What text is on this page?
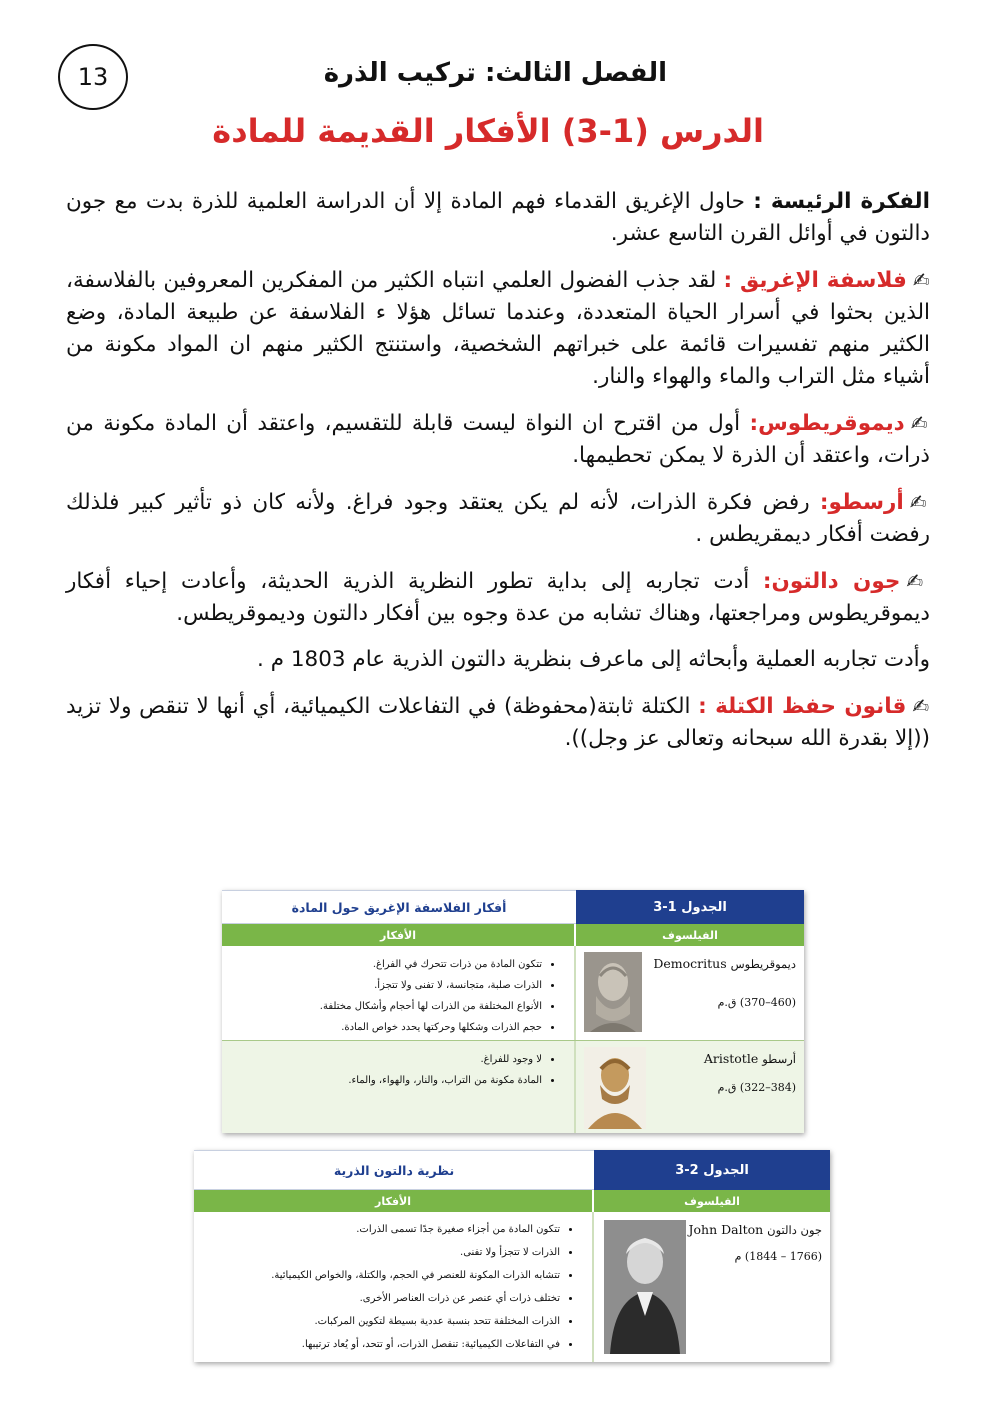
13	الفصل الثالث: تركيب الذرة
الدرس (1-3) الأفكار القديمة للمادة

الفكرة الرئيسة : حاول الإغريق القدماء فهم المادة إلا أن الدراسة العلمية للذرة بدت مع جون دالتون في أوائل القرن التاسع عشر.

✍فلاسفة الإغريق : لقد جذب الفضول العلمي انتباه الكثير من المفكرين المعروفين بالفلاسفة، الذين بحثوا في أسرار الحياة المتعددة، وعندما تسائل هؤلا ء الفلاسفة عن طبيعة المادة، وضع الكثير منهم تفسيرات قائمة على خبراتهم الشخصية، واستنتج الكثير منهم ان المواد مكونة من أشياء مثل التراب والماء والهواء والنار.

✍ديموقريطوس: أول من اقترح ان النواة ليست قابلة للتقسيم، واعتقد أن المادة مكونة من ذرات، واعتقد أن الذرة لا يمكن تحطيمها.

✍أرسطو: رفض فكرة الذرات، لأنه لم يكن يعتقد وجود فراغ. ولأنه كان ذو تأثير كبير فلذلك رفضت أفكار ديمقريطس .

✍جون دالتون: أدت تجاربه إلى بداية تطور النظرية الذرية الحديثة، وأعادت إحياء أفكار ديموقريطوس ومراجعتها، وهناك تشابه من عدة وجوه بين أفكار دالتون وديموقريطس.

وأدت تجاربه العملية وأبحاثه إلى ماعرف بنظرية دالتون الذرية عام 1803 م .

✍قانون حفظ الكتلة : الكتلة ثابتة(محفوظة) في التفاعلات الكيميائية، أي أنها لا تنقص ولا تزيد ((إلا بقدرة الله سبحانه وتعالى عز وجل)).

الجدول 1-3
أفكار الفلاسفة الإغريق حول المادة
الفيلسوف
الأفكار
ديموقريطوسDemocritus
(460–370) ق.م
• تتكون المادة من ذرات تتحرك في الفراغ.
• الذرات صلبة، متجانسة، لا تفنى ولا تتجزأ.
• الأنواع المختلفة من الذرات لها أحجام وأشكال مختلفة.
• حجم الذرات وشكلها وحركتها يحدد خواص المادة.
أرسطوAristotle
(384–322) ق.م
• لا وجود للفراغ.
• المادة مكونة من التراب، والنار، والهواء، والماء.
الجدول 2-3
نظرية دالتون الذرية
الفيلسوف
الأفكار
جون دالتونJohn Dalton
(1766 – 1844) م
• تتكون المادة من أجزاء صغيرة جدًا تسمى الذرات.
• الذرات لا تتجزأ ولا تفنى.
• تتشابه الذرات المكونة للعنصر في الحجم، والكتلة، والخواص الكيميائية.
• تختلف ذرات أي عنصر عن ذرات العناصر الأخرى.
• الذرات المختلفة تتحد بنسبة عددية بسيطة لتكوين المركبات.
• في التفاعلات الكيميائية: تنفصل الذرات، أو تتحد، أو يُعاد ترتيبها.
